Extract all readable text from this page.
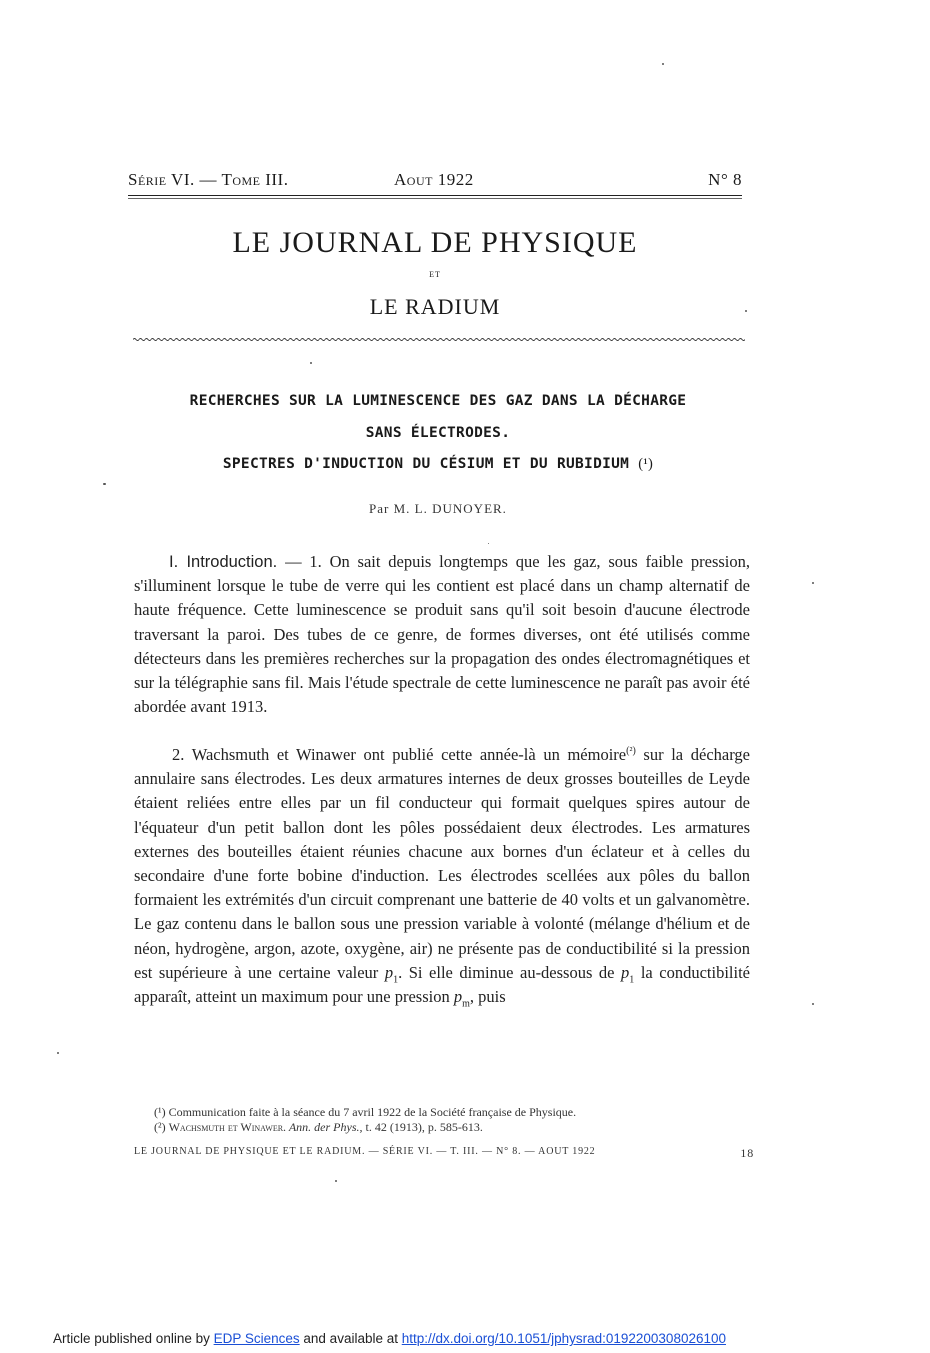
Série VI. — Tome III.	Aout 1922	N° 8
LE JOURNAL DE PHYSIQUE
ET
LE RADIUM
RECHERCHES SUR LA LUMINESCENCE DES GAZ DANS LA DÉCHARGE
SANS ÉLECTRODES.
SPECTRES D'INDUCTION DU CÉSIUM ET DU RUBIDIUM (¹)
Par M. L. DUNOYER.
I. Introduction. — 1. On sait depuis longtemps que les gaz, sous faible pression, s'illuminent lorsque le tube de verre qui les contient est placé dans un champ alternatif de haute fréquence. Cette luminescence se produit sans qu'il soit besoin d'aucune électrode traversant la paroi. Des tubes de ce genre, de formes diverses, ont été utilisés comme détecteurs dans les premières recherches sur la propagation des ondes électromagnétiques et sur la télégraphie sans fil. Mais l'étude spectrale de cette luminescence ne paraît pas avoir été abordée avant 1913.
2. Wachsmuth et Winawer ont publié cette année-là un mémoire$^{(^2)}$ sur la décharge annulaire sans électrodes. Les deux armatures internes de deux grosses bouteilles de Leyde étaient reliées entre elles par un fil conducteur qui formait quelques spires autour de l'équateur d'un petit ballon dont les pôles possédaient deux électrodes. Les armatures externes des bouteilles étaient réunies chacune aux bornes d'un éclateur et à celles du secondaire d'une forte bobine d'induction. Les électrodes scellées aux pôles du ballon formaient les extrémités d'un circuit comprenant une batterie de 40 volts et un galvanomètre. Le gaz contenu dans le ballon sous une pression variable à volonté (mélange d'hélium et de néon, hydrogène, argon, azote, oxygène, air) ne présente pas de conductibilité si la pression est supérieure à une certaine valeur $p_1$. Si elle diminue au-dessous de $p_1$ la conductibilité apparaît, atteint un maximum pour une pression $p_m$, puis
(¹) Communication faite à la séance du 7 avril 1922 de la Société française de Physique.
(²) Wachsmuth et Winawer. Ann. der Phys., t. 42 (1913), p. 585-613.
LE JOURNAL DE PHYSIQUE ET LE RADIUM. — SÉRIE VI. — T. III. — N° 8. — AOUT 1922	18
Article published online by EDP Sciences and available at http://dx.doi.org/10.1051/jphysrad:0192200308026100
